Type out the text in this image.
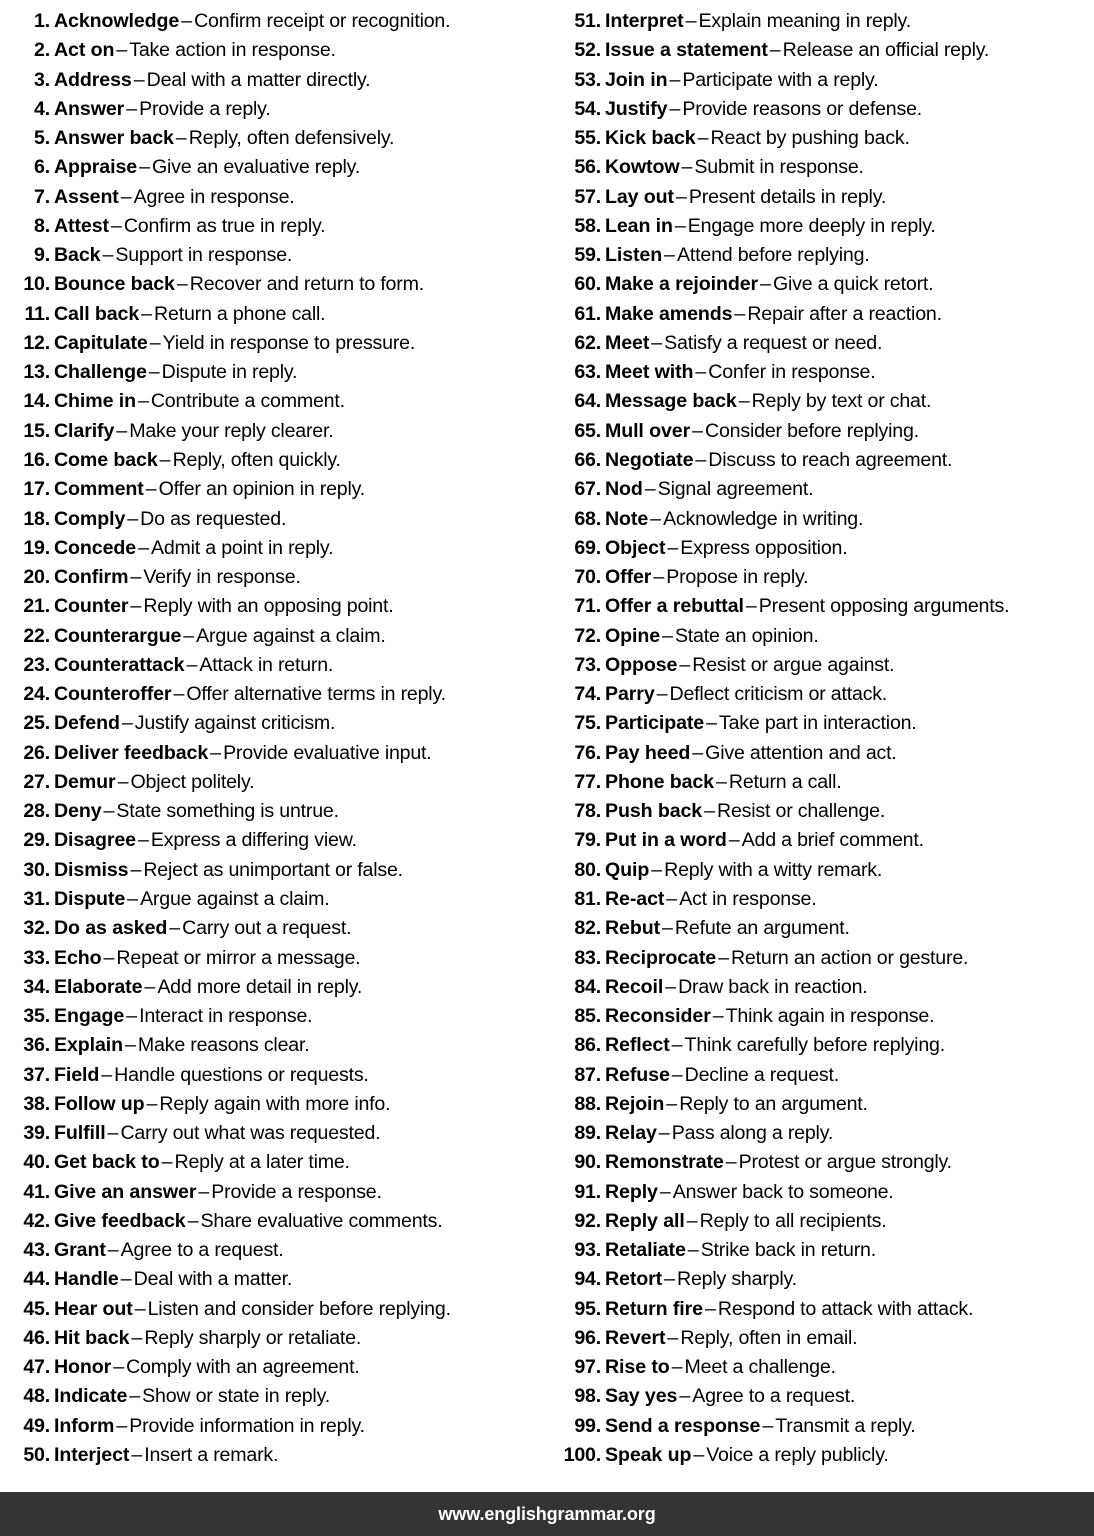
1. Acknowledge – Confirm receipt or recognition.
2. Act on – Take action in response.
3. Address – Deal with a matter directly.
4. Answer – Provide a reply.
5. Answer back – Reply, often defensively.
6. Appraise – Give an evaluative reply.
7. Assent – Agree in response.
8. Attest – Confirm as true in reply.
9. Back – Support in response.
10. Bounce back – Recover and return to form.
11. Call back – Return a phone call.
12. Capitulate – Yield in response to pressure.
13. Challenge – Dispute in reply.
14. Chime in – Contribute a comment.
15. Clarify – Make your reply clearer.
16. Come back – Reply, often quickly.
17. Comment – Offer an opinion in reply.
18. Comply – Do as requested.
19. Concede – Admit a point in reply.
20. Confirm – Verify in response.
21. Counter – Reply with an opposing point.
22. Counterargue – Argue against a claim.
23. Counterattack – Attack in return.
24. Counteroffer – Offer alternative terms in reply.
25. Defend – Justify against criticism.
26. Deliver feedback – Provide evaluative input.
27. Demur – Object politely.
28. Deny – State something is untrue.
29. Disagree – Express a differing view.
30. Dismiss – Reject as unimportant or false.
31. Dispute – Argue against a claim.
32. Do as asked – Carry out a request.
33. Echo – Repeat or mirror a message.
34. Elaborate – Add more detail in reply.
35. Engage – Interact in response.
36. Explain – Make reasons clear.
37. Field – Handle questions or requests.
38. Follow up – Reply again with more info.
39. Fulfill – Carry out what was requested.
40. Get back to – Reply at a later time.
41. Give an answer – Provide a response.
42. Give feedback – Share evaluative comments.
43. Grant – Agree to a request.
44. Handle – Deal with a matter.
45. Hear out – Listen and consider before replying.
46. Hit back – Reply sharply or retaliate.
47. Honor – Comply with an agreement.
48. Indicate – Show or state in reply.
49. Inform – Provide information in reply.
50. Interject – Insert a remark.
51. Interpret – Explain meaning in reply.
52. Issue a statement – Release an official reply.
53. Join in – Participate with a reply.
54. Justify – Provide reasons or defense.
55. Kick back – React by pushing back.
56. Kowtow – Submit in response.
57. Lay out – Present details in reply.
58. Lean in – Engage more deeply in reply.
59. Listen – Attend before replying.
60. Make a rejoinder – Give a quick retort.
61. Make amends – Repair after a reaction.
62. Meet – Satisfy a request or need.
63. Meet with – Confer in response.
64. Message back – Reply by text or chat.
65. Mull over – Consider before replying.
66. Negotiate – Discuss to reach agreement.
67. Nod – Signal agreement.
68. Note – Acknowledge in writing.
69. Object – Express opposition.
70. Offer – Propose in reply.
71. Offer a rebuttal – Present opposing arguments.
72. Opine – State an opinion.
73. Oppose – Resist or argue against.
74. Parry – Deflect criticism or attack.
75. Participate – Take part in interaction.
76. Pay heed – Give attention and act.
77. Phone back – Return a call.
78. Push back – Resist or challenge.
79. Put in a word – Add a brief comment.
80. Quip – Reply with a witty remark.
81. Re-act – Act in response.
82. Rebut – Refute an argument.
83. Reciprocate – Return an action or gesture.
84. Recoil – Draw back in reaction.
85. Reconsider – Think again in response.
86. Reflect – Think carefully before replying.
87. Refuse – Decline a request.
88. Rejoin – Reply to an argument.
89. Relay – Pass along a reply.
90. Remonstrate – Protest or argue strongly.
91. Reply – Answer back to someone.
92. Reply all – Reply to all recipients.
93. Retaliate – Strike back in return.
94. Retort – Reply sharply.
95. Return fire – Respond to attack with attack.
96. Revert – Reply, often in email.
97. Rise to – Meet a challenge.
98. Say yes – Agree to a request.
99. Send a response – Transmit a reply.
100. Speak up – Voice a reply publicly.
www.englishgrammar.org
